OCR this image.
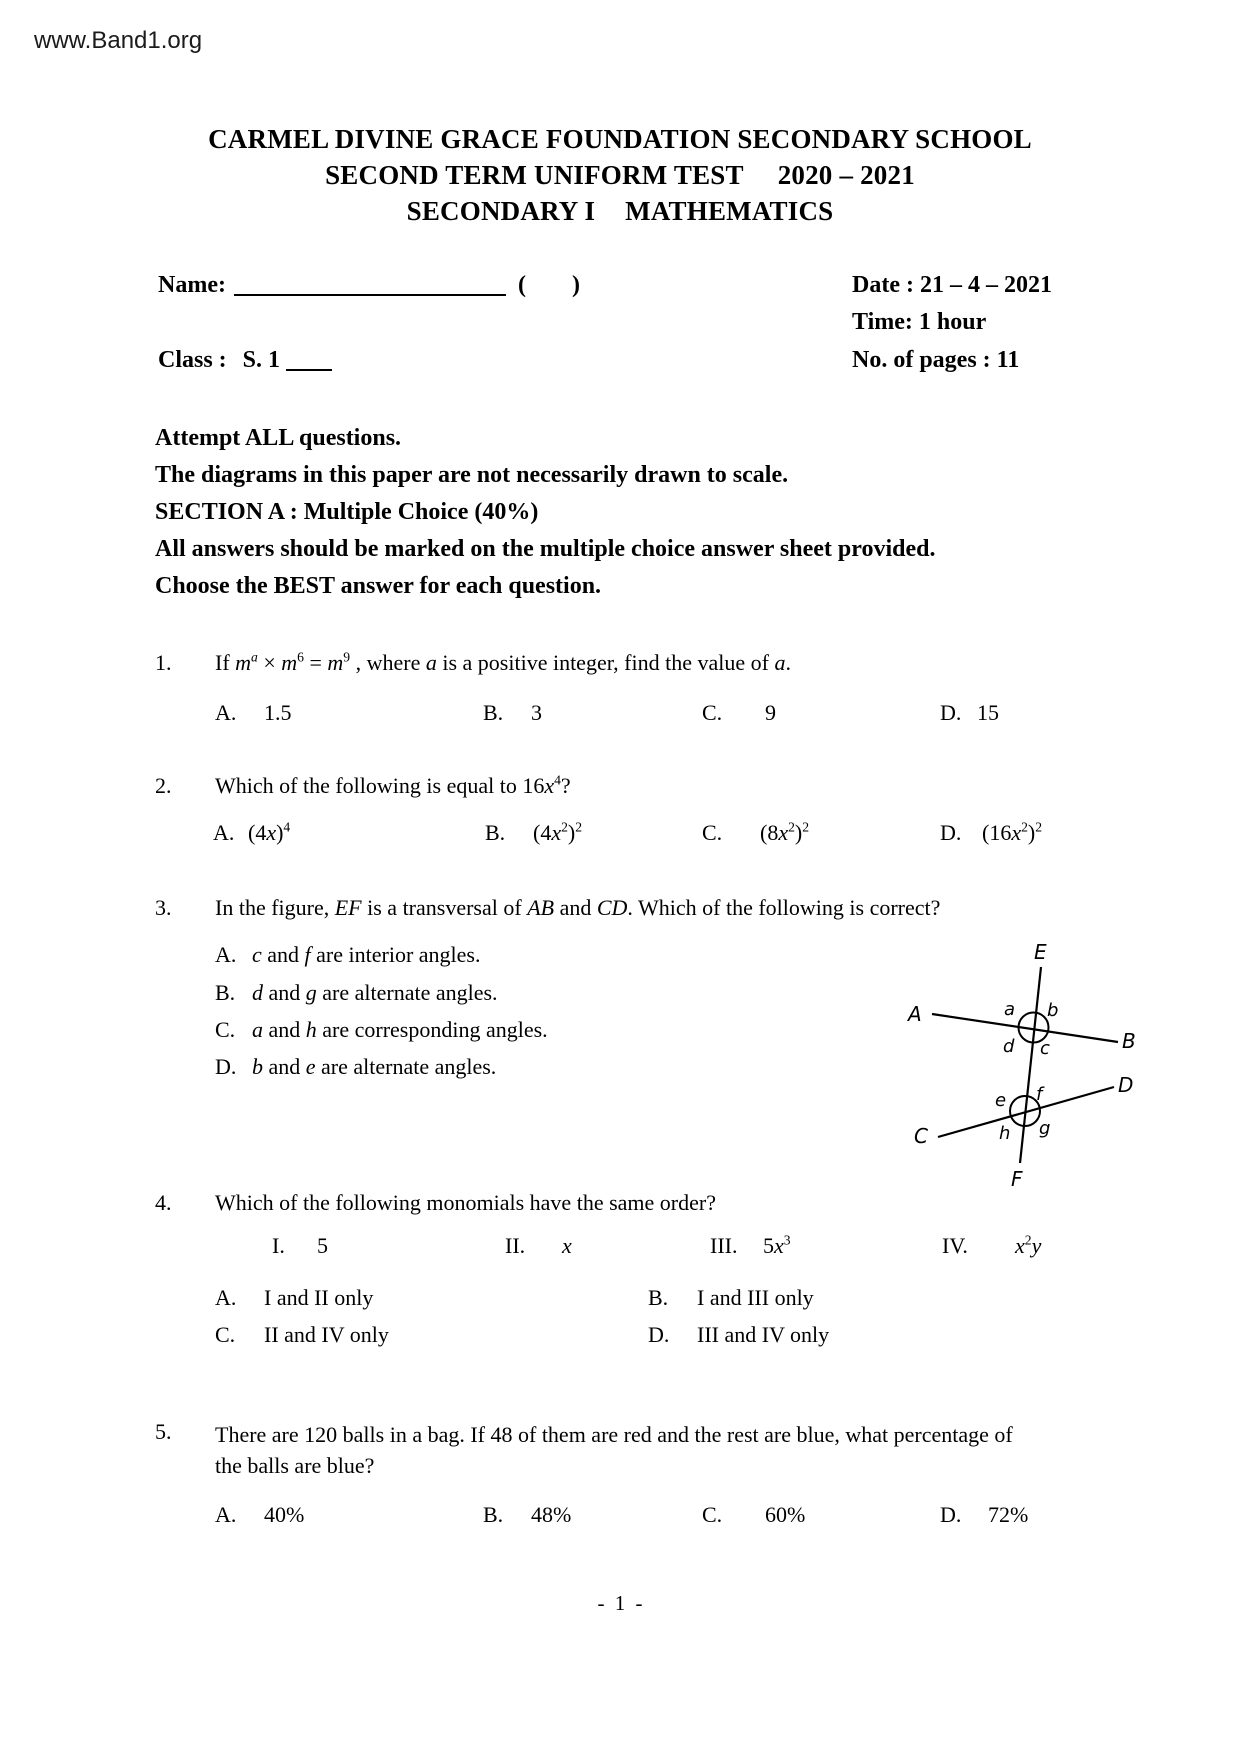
www.Band1.org
CARMEL DIVINE GRACE FOUNDATION SECONDARY SCHOOL
SECOND TERM UNIFORM TEST 2020 – 2021
SECONDARY I MATHEMATICS
Name:	( )	Date : 21 – 4 – 2021
Time: 1 hour
Class : S. 1	No. of pages : 11
Attempt ALL questions.
The diagrams in this paper are not necessarily drawn to scale.
SECTION A : Multiple Choice (40%)
All answers should be marked on the multiple choice answer sheet provided.
Choose the BEST answer for each question.
1. If $m^a \times m^6 = m^9$ , where a is a positive integer, find the value of a.
A. 1.5	B. 3	C. 9	D. 15
2. Which of the following is equal to $16x^4$?
A. $(4x)^4$	B. $(4x^2)^2$	C. $(8x^2)^2$	D. $(16x^2)^2$
3. In the figure, EF is a transversal of AB and CD. Which of the following is correct?
A. c and f are interior angles.
B. d and g are alternate angles.
C. a and h are corresponding angles.
D. b and e are alternate angles.
E
F
A
B
C
D
a b
d c
e f
h g
4. Which of the following monomials have the same order?
I. 5	II. x	III. $5x^3$	IV. $x^2y$
A. I and II only	B. I and III only
C. II and IV only	D. III and IV only
5. There are 120 balls in a bag. If 48 of them are red and the rest are blue, what percentage of
the balls are blue?
A. 40%	B. 48%	C. 60%	D. 72%
- 1 -
